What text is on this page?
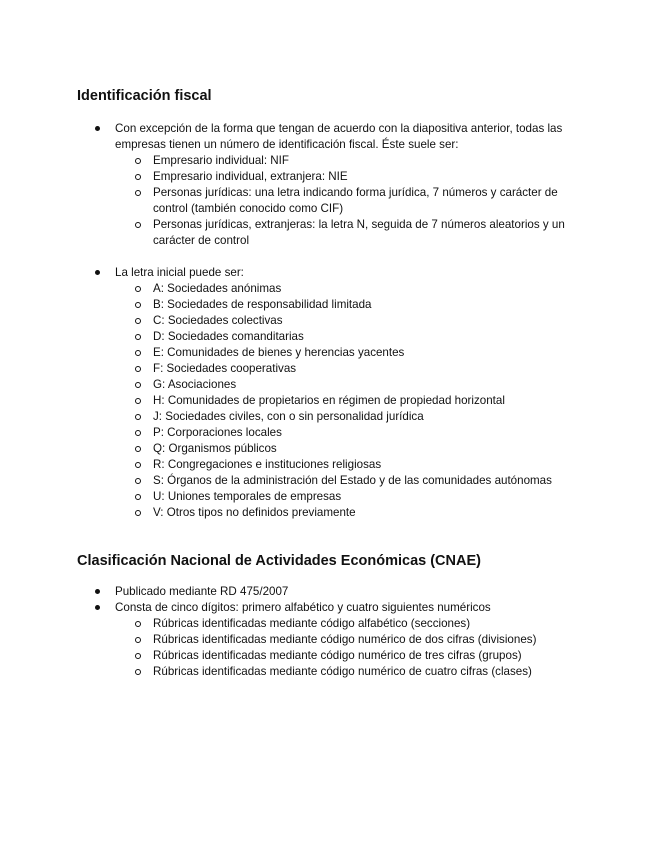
Identificación fiscal
Con excepción de la forma que tengan de acuerdo con la diapositiva anterior, todas las empresas tienen un número de identificación fiscal. Éste suele ser:
Empresario individual: NIF
Empresario individual, extranjera: NIE
Personas jurídicas: una letra indicando forma jurídica, 7 números y carácter de control (también conocido como CIF)
Personas jurídicas, extranjeras: la letra N, seguida de 7 números aleatorios y un carácter de control
La letra inicial puede ser:
A: Sociedades anónimas
B: Sociedades de responsabilidad limitada
C: Sociedades colectivas
D: Sociedades comanditarias
E: Comunidades de bienes y herencias yacentes
F: Sociedades cooperativas
G: Asociaciones
H: Comunidades de propietarios en régimen de propiedad horizontal
J: Sociedades civiles, con o sin personalidad jurídica
P: Corporaciones locales
Q: Organismos públicos
R: Congregaciones e instituciones religiosas
S: Órganos de la administración del Estado y de las comunidades autónomas
U: Uniones temporales de empresas
V: Otros tipos no definidos previamente
Clasificación Nacional de Actividades Económicas (CNAE)
Publicado mediante RD 475/2007
Consta de cinco dígitos: primero alfabético y cuatro siguientes numéricos
Rúbricas identificadas mediante código alfabético (secciones)
Rúbricas identificadas mediante código numérico de dos cifras (divisiones)
Rúbricas identificadas mediante código numérico de tres cifras (grupos)
Rúbricas identificadas mediante código numérico de cuatro cifras (clases)
